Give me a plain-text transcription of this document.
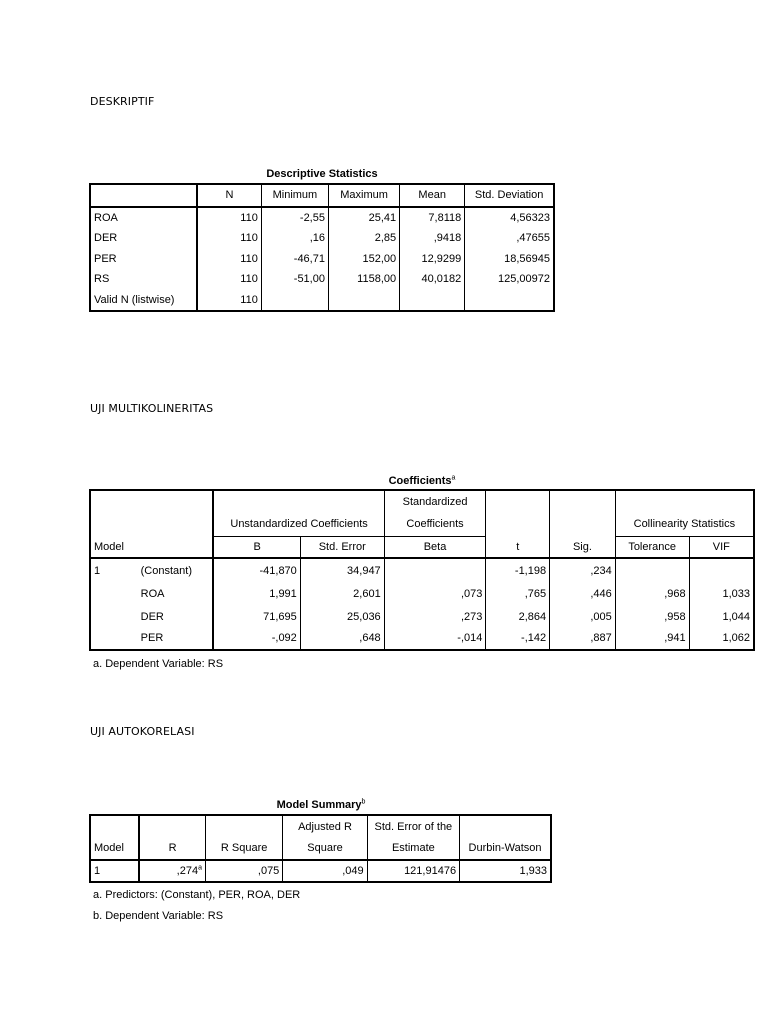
DESKRIPTIF
Descriptive Statistics
	N	Minimum	Maximum	Mean	Std. Deviation
ROA	110	-2,55	25,41	7,8118	4,56323
DER	110	,16	2,85	,9418	,47655
PER	110	-46,71	152,00	12,9299	18,56945
RS	110	-51,00	1158,00	40,0182	125,00972
Valid N (listwise)	110				
UJI MULTIKOLINERITAS
Coefficients$^a$
				Standardized				
		Unstandardized Coefficients		Coefficients			Collinearity Statistics	
Model		B	Std. Error	Beta	t	Sig.	Tolerance	VIF
1	(Constant)	-41,870	34,947		-1,198	,234		
	ROA	1,991	2,601	,073	,765	,446	,968	1,033
	DER	71,695	25,036	,273	2,864	,005	,958	1,044
	PER	-,092	,648	-,014	-,142	,887	,941	1,062
a. Dependent Variable: RS
UJI AUTOKORELASI
Model Summary$^b$
			Adjusted R	Std. Error of the	
Model	R	R Square	Square	Estimate	Durbin-Watson
1	,274$^a$	,075	,049	121,91476	1,933
a. Predictors: (Constant), PER, ROA, DER
b. Dependent Variable: RS
